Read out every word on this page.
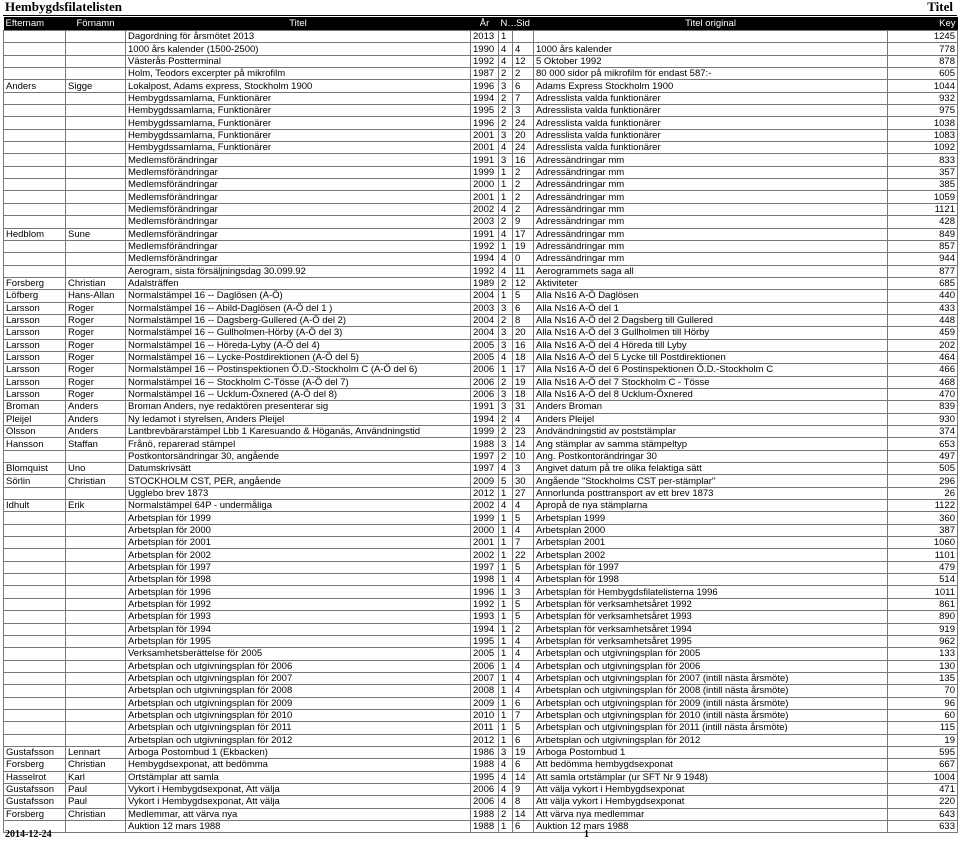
Hembygdsfilatelisten	Titel
Efternam	Förnamn	Titel	År	N…	Sid	Titel original	Key
		Dagordning för årsmötet 2013	2013	1			1245
		1000 års kalender (1500-2500)	1990	4	4	1000 års kalender	778
		Västerås Postterminal	1992	4	12	5 Oktober 1992	878
		Holm, Teodors excerpter på mikrofilm	1987	2	2	80 000 sidor på mikrofilm för endast 587:-	605
Anders	Sigge	Lokalpost, Adams express, Stockholm 1900	1996	3	6	Adams Express Stockholm 1900	1044
		Hembygdssamlarna, Funktionärer	1994	2	7	Adresslista valda funktionärer	932
		Hembygdssamlarna, Funktionärer	1995	2	3	Adresslista valda funktionärer	975
		Hembygdssamlarna, Funktionärer	1996	2	24	Adresslista valda funktionärer	1038
		Hembygdssamlarna, Funktionärer	2001	3	20	Adresslista valda funktionärer	1083
		Hembygdssamlarna, Funktionärer	2001	4	24	Adresslista valda funktionärer	1092
		Medlemsförändringar	1991	3	16	Adressändringar mm	833
		Medlemsförändringar	1999	1	2	Adressändringar mm	357
		Medlemsförändringar	2000	1	2	Adressändringar mm	385
		Medlemsförändringar	2001	1	2	Adressändringar mm	1059
		Medlemsförändringar	2002	4	2	Adressändringar mm	1121
		Medlemsförändringar	2003	2	9	Adressändringar mm	428
Hedblom	Sune	Medlemsförändringar	1991	4	17	Adressändringar mm	849
		Medlemsförändringar	1992	1	19	Adressändringar mm	857
		Medlemsförändringar	1994	4	0	Adressändringar mm	944
		Aerogram, sista försäljningsdag 30.099.92	1992	4	11	Aerogrammets saga all	877
Forsberg	Christian	Adalsträffen	1989	2	12	Aktiviteter	685
Löfberg	Hans-Allan	Normalstämpel 16 -- Daglösen (A-Ö)	2004	1	5	Alla Ns16 A-Ö Daglösen	440
Larsson	Roger	Normalstämpel 16 -- Abild-Daglösen (A-Ö del 1 )	2003	3	6	Alla Ns16 A-Ö del 1	433
Larsson	Roger	Normalstämpel 16 -- Dagsberg-Gullered (A-Ö del 2)	2004	2	8	Alla Ns16 A-Ö del 2 Dagsberg till Gullered	448
Larsson	Roger	Normalstämpel 16 -- Gullholmen-Hörby (A-Ö del 3)	2004	3	20	Alla Ns16 A-Ö del 3 Gullholmen till Hörby	459
Larsson	Roger	Normalstämpel 16 -- Höreda-Lyby (A-Ö del 4)	2005	3	16	Alla Ns16 A-Ö del 4 Höreda till Lyby	202
Larsson	Roger	Normalstämpel 16 -- Lycke-Postdirektionen (A-Ö del 5)	2005	4	18	Alla Ns16 A-Ö del 5 Lycke till Postdirektionen	464
Larsson	Roger	Normalstämpel 16 -- Postinspektionen Ö.D.-Stockholm C (A-Ö del 6)	2006	1	17	Alla Ns16 A-Ö del 6 Postinspektionen Ö.D.-Stockholm C	466
Larsson	Roger	Normalstämpel 16 -- Stockholm C-Tösse (A-Ö del 7)	2006	2	19	Alla Ns16 A-Ö del 7 Stockholm C - Tösse	468
Larsson	Roger	Normalstämpel 16 -- Ucklum-Öxnered (A-Ö del 8)	2006	3	18	Alla Ns16 A-Ö del 8 Ucklum-Öxnered	470
Broman	Anders	Broman Anders, nye redaktören presenterar sig	1991	3	31	Anders Broman	839
Pleijel	Anders	Ny ledamot i styrelsen, Anders Pleijel	1994	2	4	Anders Pleijel	930
Olsson	Anders	Lantbrevbärarstämpel Lbb 1 Karesuando & Höganäs, Användningstid	1999	2	23	Andvändningstid av poststämplar	374
Hansson	Staffan	Frånö, reparerad stämpel	1988	3	14	Ang stämplar av samma stämpeltyp	653
		Postkontorsändringar 30, angående	1997	2	10	Ang. Postkontorändringar 30	497
Blomquist	Uno	Datumskrivsätt	1997	4	3	Angivet datum på tre olika felaktiga sätt	505
Sörlin	Christian	STOCKHOLM CST, PER, angående	2009	5	30	Angående "Stockholms CST per-stämplar"	296
		Ugglebo brev 1873	2012	1	27	Annorlunda posttransport av ett brev 1873	26
Idhult	Erik	Normalstämpel 64P - undermåliga	2002	4	4	Apropå de nya stämplarna	1122
		Arbetsplan för 1999	1999	1	5	Arbetsplan 1999	360
		Arbetsplan för 2000	2000	1	4	Arbetsplan 2000	387
		Arbetsplan för 2001	2001	1	7	Arbetsplan 2001	1060
		Arbetsplan för 2002	2002	1	22	Arbetsplan 2002	1101
		Arbetsplan för 1997	1997	1	5	Arbetsplan för 1997	479
		Arbetsplan för 1998	1998	1	4	Arbetsplan för 1998	514
		Arbetsplan för 1996	1996	1	3	Arbetsplan för Hembygdsfilatelisterna 1996	1011
		Arbetsplan för 1992	1992	1	5	Arbetsplan för verksamhetsåret 1992	861
		Arbetsplan för 1993	1993	1	5	Arbetsplan för verksamhetsåret 1993	890
		Arbetsplan för 1994	1994	1	2	Arbetsplan för verksamhetsåret 1994	919
		Arbetsplan för 1995	1995	1	4	Arbetsplan för verksamhetsåret 1995	962
		Verksamhetsberättelse för 2005	2005	1	4	Arbetsplan och utgivningsplan för 2005	133
		Arbetsplan och utgivningsplan för 2006	2006	1	4	Arbetsplan och utgivningsplan för 2006	130
		Arbetsplan och utgivningsplan för 2007	2007	1	4	Arbetsplan och utgivningsplan för 2007 (intill nästa årsmöte)	135
		Arbetsplan och utgivningsplan för 2008	2008	1	4	Arbetsplan och utgivningsplan för 2008 (intill nästa årsmöte)	70
		Arbetsplan och utgivningsplan för 2009	2009	1	6	Arbetsplan och utgivningsplan för 2009 (intill nästa årsmöte)	96
		Arbetsplan och utgivningsplan för 2010	2010	1	7	Arbetsplan och utgivningsplan för 2010 (intill nästa årsmöte)	60
		Arbetsplan och utgivningsplan för 2011	2011	1	5	Arbetsplan och utgivningsplan för 2011 (intill nästa årsmöte)	115
		Arbetsplan och utgivningsplan för 2012	2012	1	6	Arbetsplan och utgivningsplan för 2012	19
Gustafsson	Lennart	Arboga Postombud 1 (Ekbacken)	1986	3	19	Arboga Postombud 1	595
Forsberg	Christian	Hembygdsexponat, att bedömma	1988	4	6	Att bedömma hembygdsexponat	667
Hasselrot	Karl	Ortstämplar att samla	1995	4	14	Att samla ortstämplar (ur SFT Nr 9 1948)	1004
Gustafsson	Paul	Vykort i Hembygdsexponat, Att välja	2006	4	9	Att välja vykort i Hembygdsexponat	471
Gustafsson	Paul	Vykort i Hembygdsexponat, Att välja	2006	4	8	Att välja vykort i Hembygdsexponat	220
Forsberg	Christian	Medlemmar, att värva nya	1988	2	14	Att värva nya medlemmar	643
		Auktion 12 mars 1988	1988	1	6	Auktion 12 mars 1988	633
2014-12-24	1
